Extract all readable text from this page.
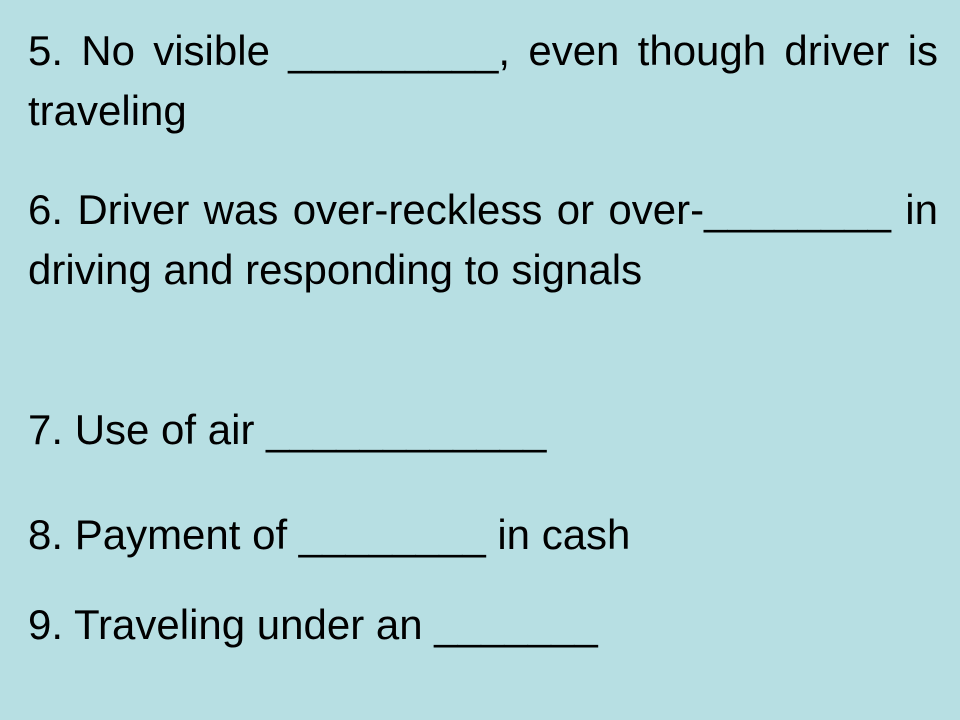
5. No visible _________, even though driver is traveling

6. Driver was over-reckless or over-________ in driving and responding to signals

7. Use of air ____________

8. Payment of ________ in cash

9. Traveling under an _______
